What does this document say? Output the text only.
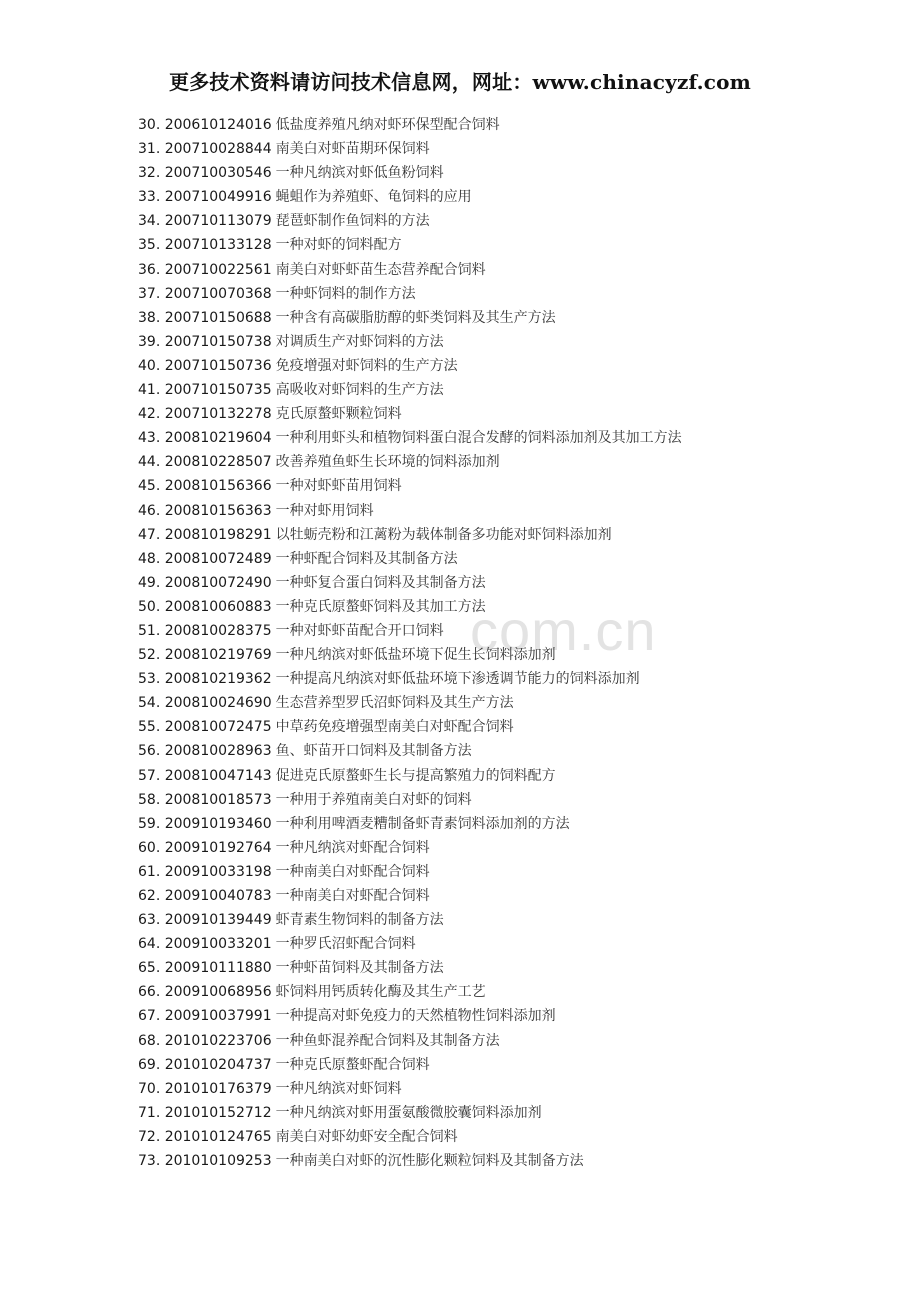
更多技术资料请访问技术信息网，网址：www.chinacyzf.com
com.cn
30. 200610124016 低盐度养殖凡纳对虾环保型配合饲料
31. 200710028844 南美白对虾苗期环保饲料
32. 200710030546 一种凡纳滨对虾低鱼粉饲料
33. 200710049916 蝇蛆作为养殖虾、龟饲料的应用
34. 200710113079 琵琶虾制作鱼饲料的方法
35. 200710133128 一种对虾的饲料配方
36. 200710022561 南美白对虾虾苗生态营养配合饲料
37. 200710070368 一种虾饲料的制作方法
38. 200710150688 一种含有高碳脂肪醇的虾类饲料及其生产方法
39. 200710150738 对调质生产对虾饲料的方法
40. 200710150736 免疫增强对虾饲料的生产方法
41. 200710150735 高吸收对虾饲料的生产方法
42. 200710132278 克氏原螯虾颗粒饲料
43. 200810219604 一种利用虾头和植物饲料蛋白混合发酵的饲料添加剂及其加工方法
44. 200810228507 改善养殖鱼虾生长环境的饲料添加剂
45. 200810156366 一种对虾虾苗用饲料
46. 200810156363 一种对虾用饲料
47. 200810198291 以牡蛎壳粉和江蓠粉为载体制备多功能对虾饲料添加剂
48. 200810072489 一种虾配合饲料及其制备方法
49. 200810072490 一种虾复合蛋白饲料及其制备方法
50. 200810060883 一种克氏原螯虾饲料及其加工方法
51. 200810028375 一种对虾虾苗配合开口饲料
52. 200810219769 一种凡纳滨对虾低盐环境下促生长饲料添加剂
53. 200810219362 一种提高凡纳滨对虾低盐环境下渗透调节能力的饲料添加剂
54. 200810024690 生态营养型罗氏沼虾饲料及其生产方法
55. 200810072475 中草药免疫增强型南美白对虾配合饲料
56. 200810028963 鱼、虾苗开口饲料及其制备方法
57. 200810047143 促进克氏原螯虾生长与提高繁殖力的饲料配方
58. 200810018573 一种用于养殖南美白对虾的饲料
59. 200910193460 一种利用啤酒麦糟制备虾青素饲料添加剂的方法
60. 200910192764 一种凡纳滨对虾配合饲料
61. 200910033198 一种南美白对虾配合饲料
62. 200910040783 一种南美白对虾配合饲料
63. 200910139449 虾青素生物饲料的制备方法
64. 200910033201 一种罗氏沼虾配合饲料
65. 200910111880 一种虾苗饲料及其制备方法
66. 200910068956 虾饲料用钙质转化酶及其生产工艺
67. 200910037991 一种提高对虾免疫力的天然植物性饲料添加剂
68. 201010223706 一种鱼虾混养配合饲料及其制备方法
69. 201010204737 一种克氏原螯虾配合饲料
70. 201010176379 一种凡纳滨对虾饲料
71. 201010152712 一种凡纳滨对虾用蛋氨酸微胶囊饲料添加剂
72. 201010124765 南美白对虾幼虾安全配合饲料
73. 201010109253 一种南美白对虾的沉性膨化颗粒饲料及其制备方法
